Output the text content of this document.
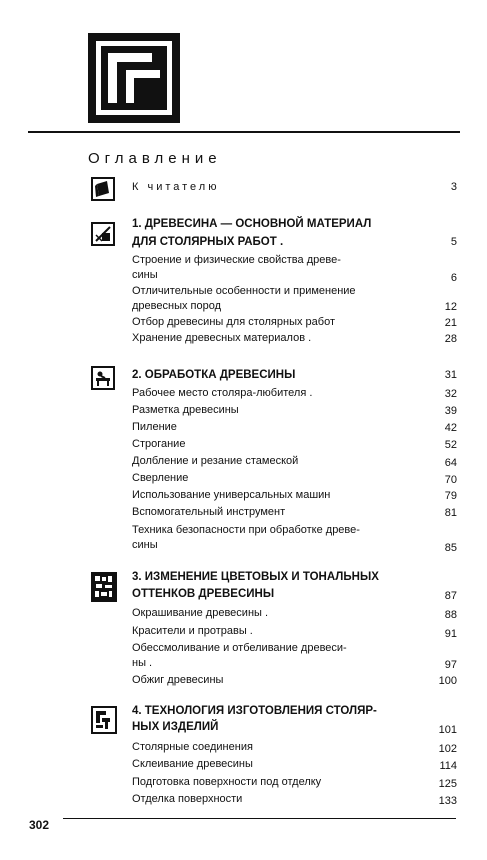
Оглавление
К читателю	3
1. ДРЕВЕСИНА — ОСНОВНОЙ МАТЕРИАЛ
ДЛЯ СТОЛЯРНЫХ РАБОТ .	5
Строение и физические свойства древе-
сины	6
Отличительные особенности и применение
древесных пород	12
Отбор древесины для столярных работ	21
Хранение древесных материалов .	28
2. ОБРАБОТКА ДРЕВЕСИНЫ	31
Рабочее место столяра-любителя .	32
Разметка древесины	39
Пиление	42
Строгание	52
Долбление и резание стамеской	64
Сверление	70
Использование универсальных машин	79
Вспомогательный инструмент	81
Техника безопасности при обработке древе-
сины	85
3. ИЗМЕНЕНИЕ ЦВЕТОВЫХ И ТОНАЛЬНЫХ
ОТТЕНКОВ ДРЕВЕСИНЫ	87
Окрашивание древесины .	88
Красители и протравы .	91
Обессмоливание и отбеливание древеси-
ны .	97
Обжиг древесины	100
4. ТЕХНОЛОГИЯ ИЗГОТОВЛЕНИЯ СТОЛЯР-
НЫХ ИЗДЕЛИЙ	101
Столярные соединения	102
Склеивание древесины	114
Подготовка поверхности под отделку	125
Отделка поверхности	133
302
